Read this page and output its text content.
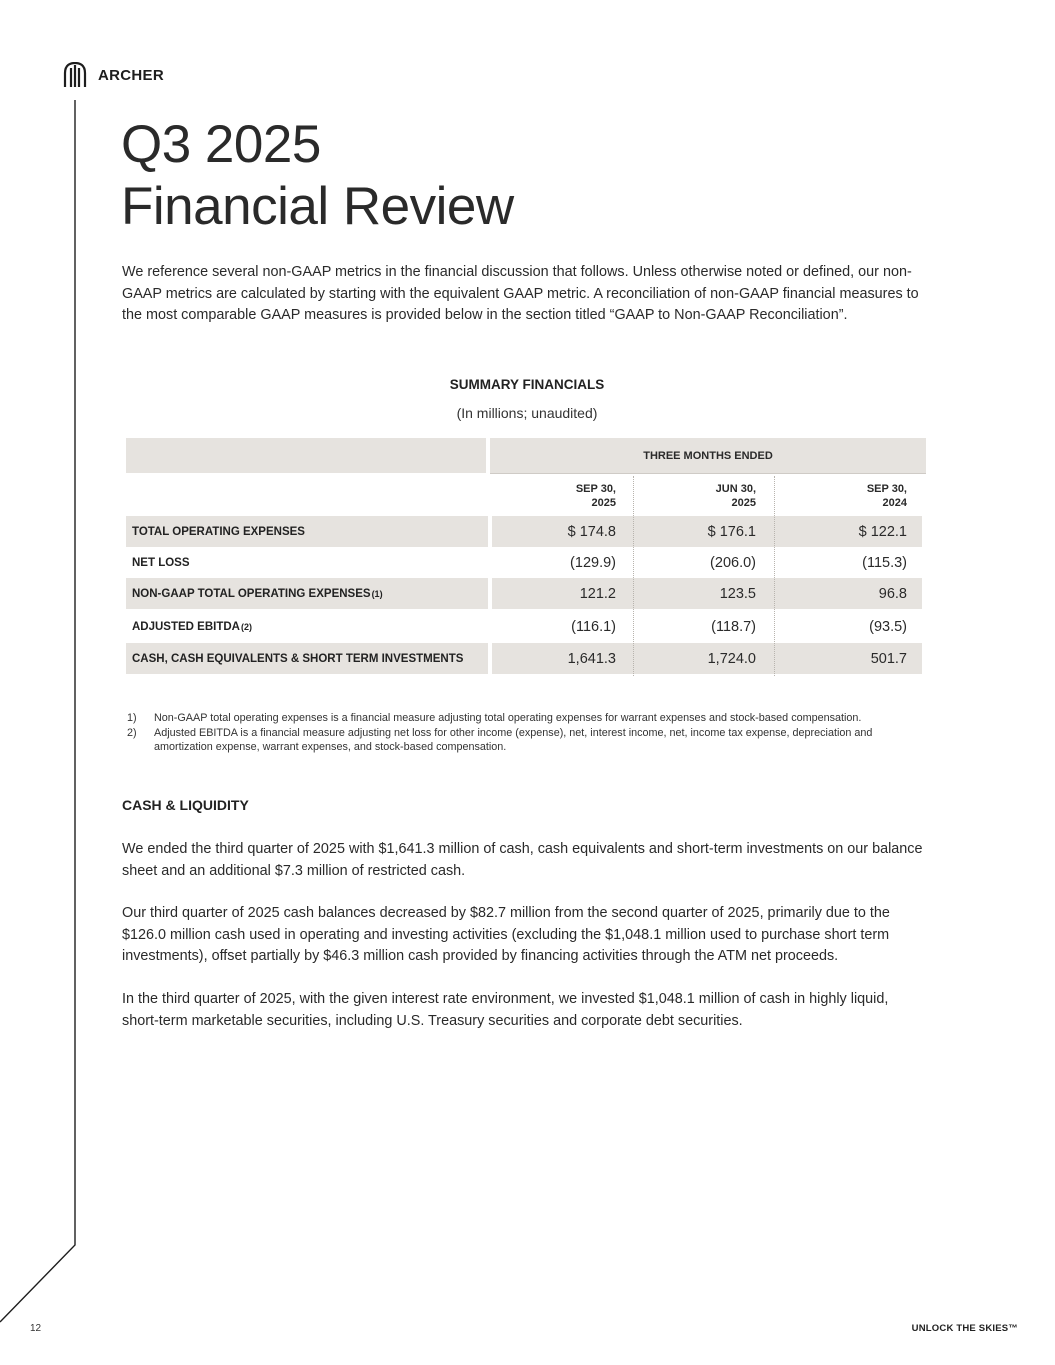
ARCHER
Q3 2025
Financial Review

We reference several non-GAAP metrics in the financial discussion that follows. Unless otherwise noted or defined, our non-GAAP metrics are calculated by starting with the equivalent GAAP metric. A reconciliation of non-GAAP financial measures to the most comparable GAAP measures is provided below in the section titled “GAAP to Non-GAAP Reconciliation”.

SUMMARY FINANCIALS
(In millions; unaudited)
THREE MONTHS ENDED
SEP 30,
2025
JUN 30,
2025
SEP 30,
2024
TOTAL OPERATING EXPENSES	$ 174.8	$ 176.1	$ 122.1
NET LOSS	(129.9)	(206.0)	(115.3)
NON-GAAP TOTAL OPERATING EXPENSES (1)	121.2	123.5	96.8
ADJUSTED EBITDA (2)	(116.1)	(118.7)	(93.5)
CASH, CASH EQUIVALENTS & SHORT TERM INVESTMENTS	1,641.3	1,724.0	501.7
1)	Non-GAAP total operating expenses is a financial measure adjusting total operating expenses for warrant expenses and stock-based compensation.
2)	Adjusted EBITDA is a financial measure adjusting net loss for other income (expense), net, interest income, net, income tax expense, depreciation and amortization expense, warrant expenses, and stock-based compensation.
CASH & LIQUIDITY

We ended the third quarter of 2025 with $1,641.3 million of cash, cash equivalents and short-term investments on our balance sheet and an additional $7.3 million of restricted cash.

Our third quarter of 2025 cash balances decreased by $82.7 million from the second quarter of 2025, primarily due to the $126.0 million cash used in operating and investing activities (excluding the $1,048.1 million used to purchase short term investments), offset partially by $46.3 million cash provided by financing activities through the ATM net proceeds.

In the third quarter of 2025, with the given interest rate environment, we invested $1,048.1 million of cash in highly liquid, short-term marketable securities, including U.S. Treasury securities and corporate debt securities.

12	UNLOCK THE SKIES™
